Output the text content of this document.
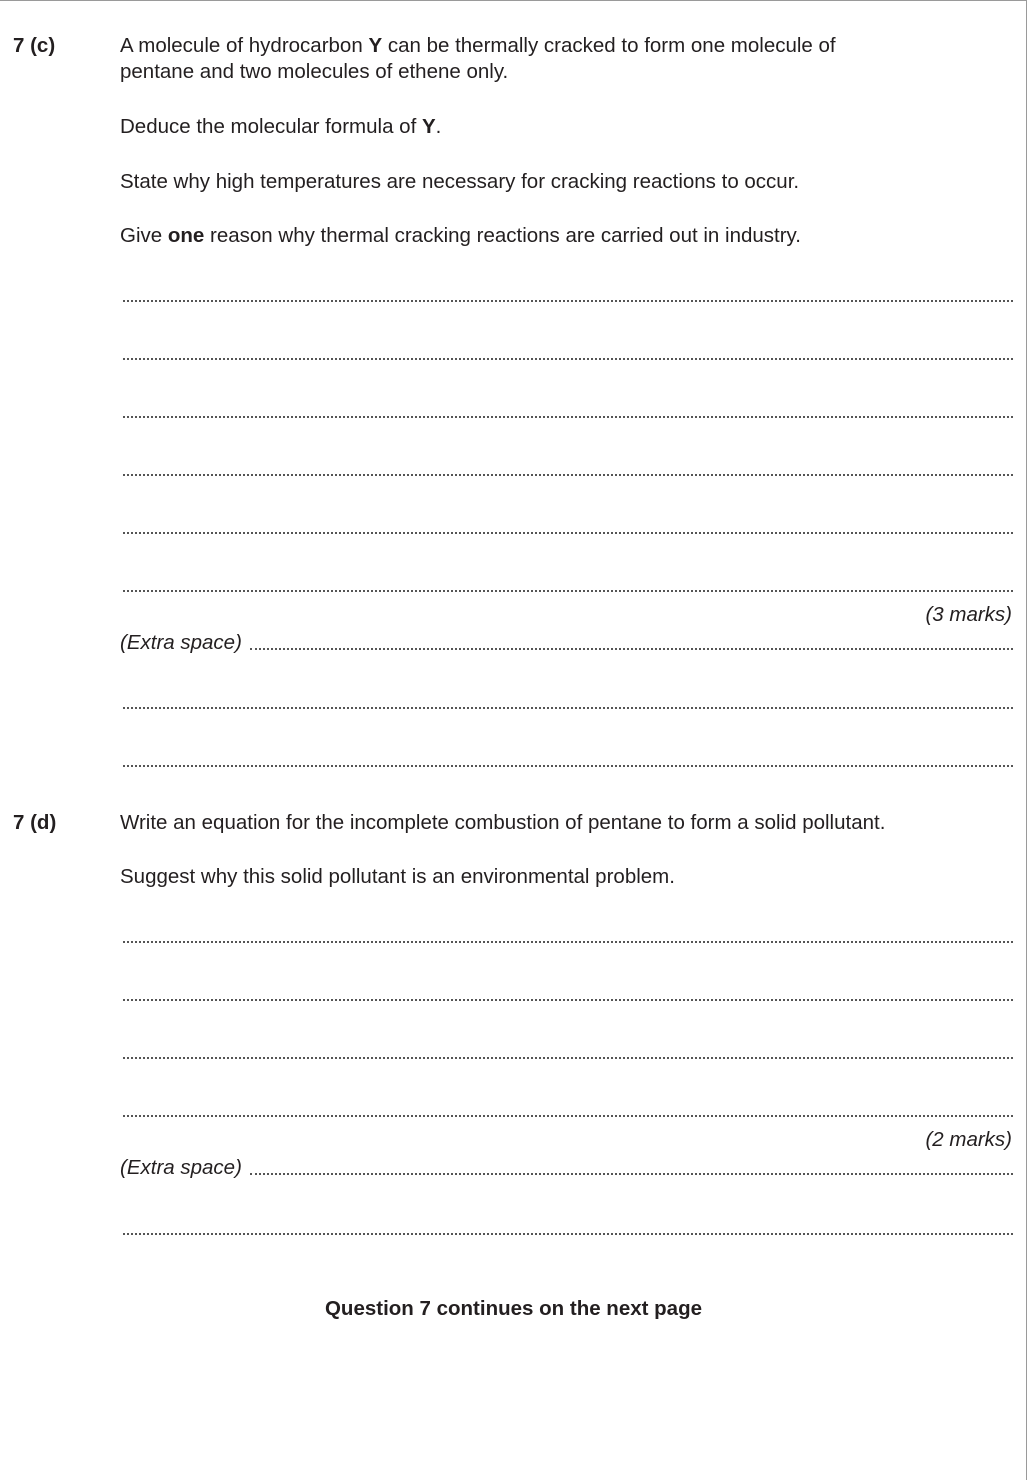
7 (c)	A molecule of hydrocarbon Y can be thermally cracked to form one molecule of
pentane and two molecules of ethene only.
Deduce the molecular formula of Y.
State why high temperatures are necessary for cracking reactions to occur.
Give one reason why thermal cracking reactions are carried out in industry.
(3 marks)
(Extra space)
7 (d)	Write an equation for the incomplete combustion of pentane to form a solid pollutant.
Suggest why this solid pollutant is an environmental problem.
(2 marks)
(Extra space)
Question 7 continues on the next page
